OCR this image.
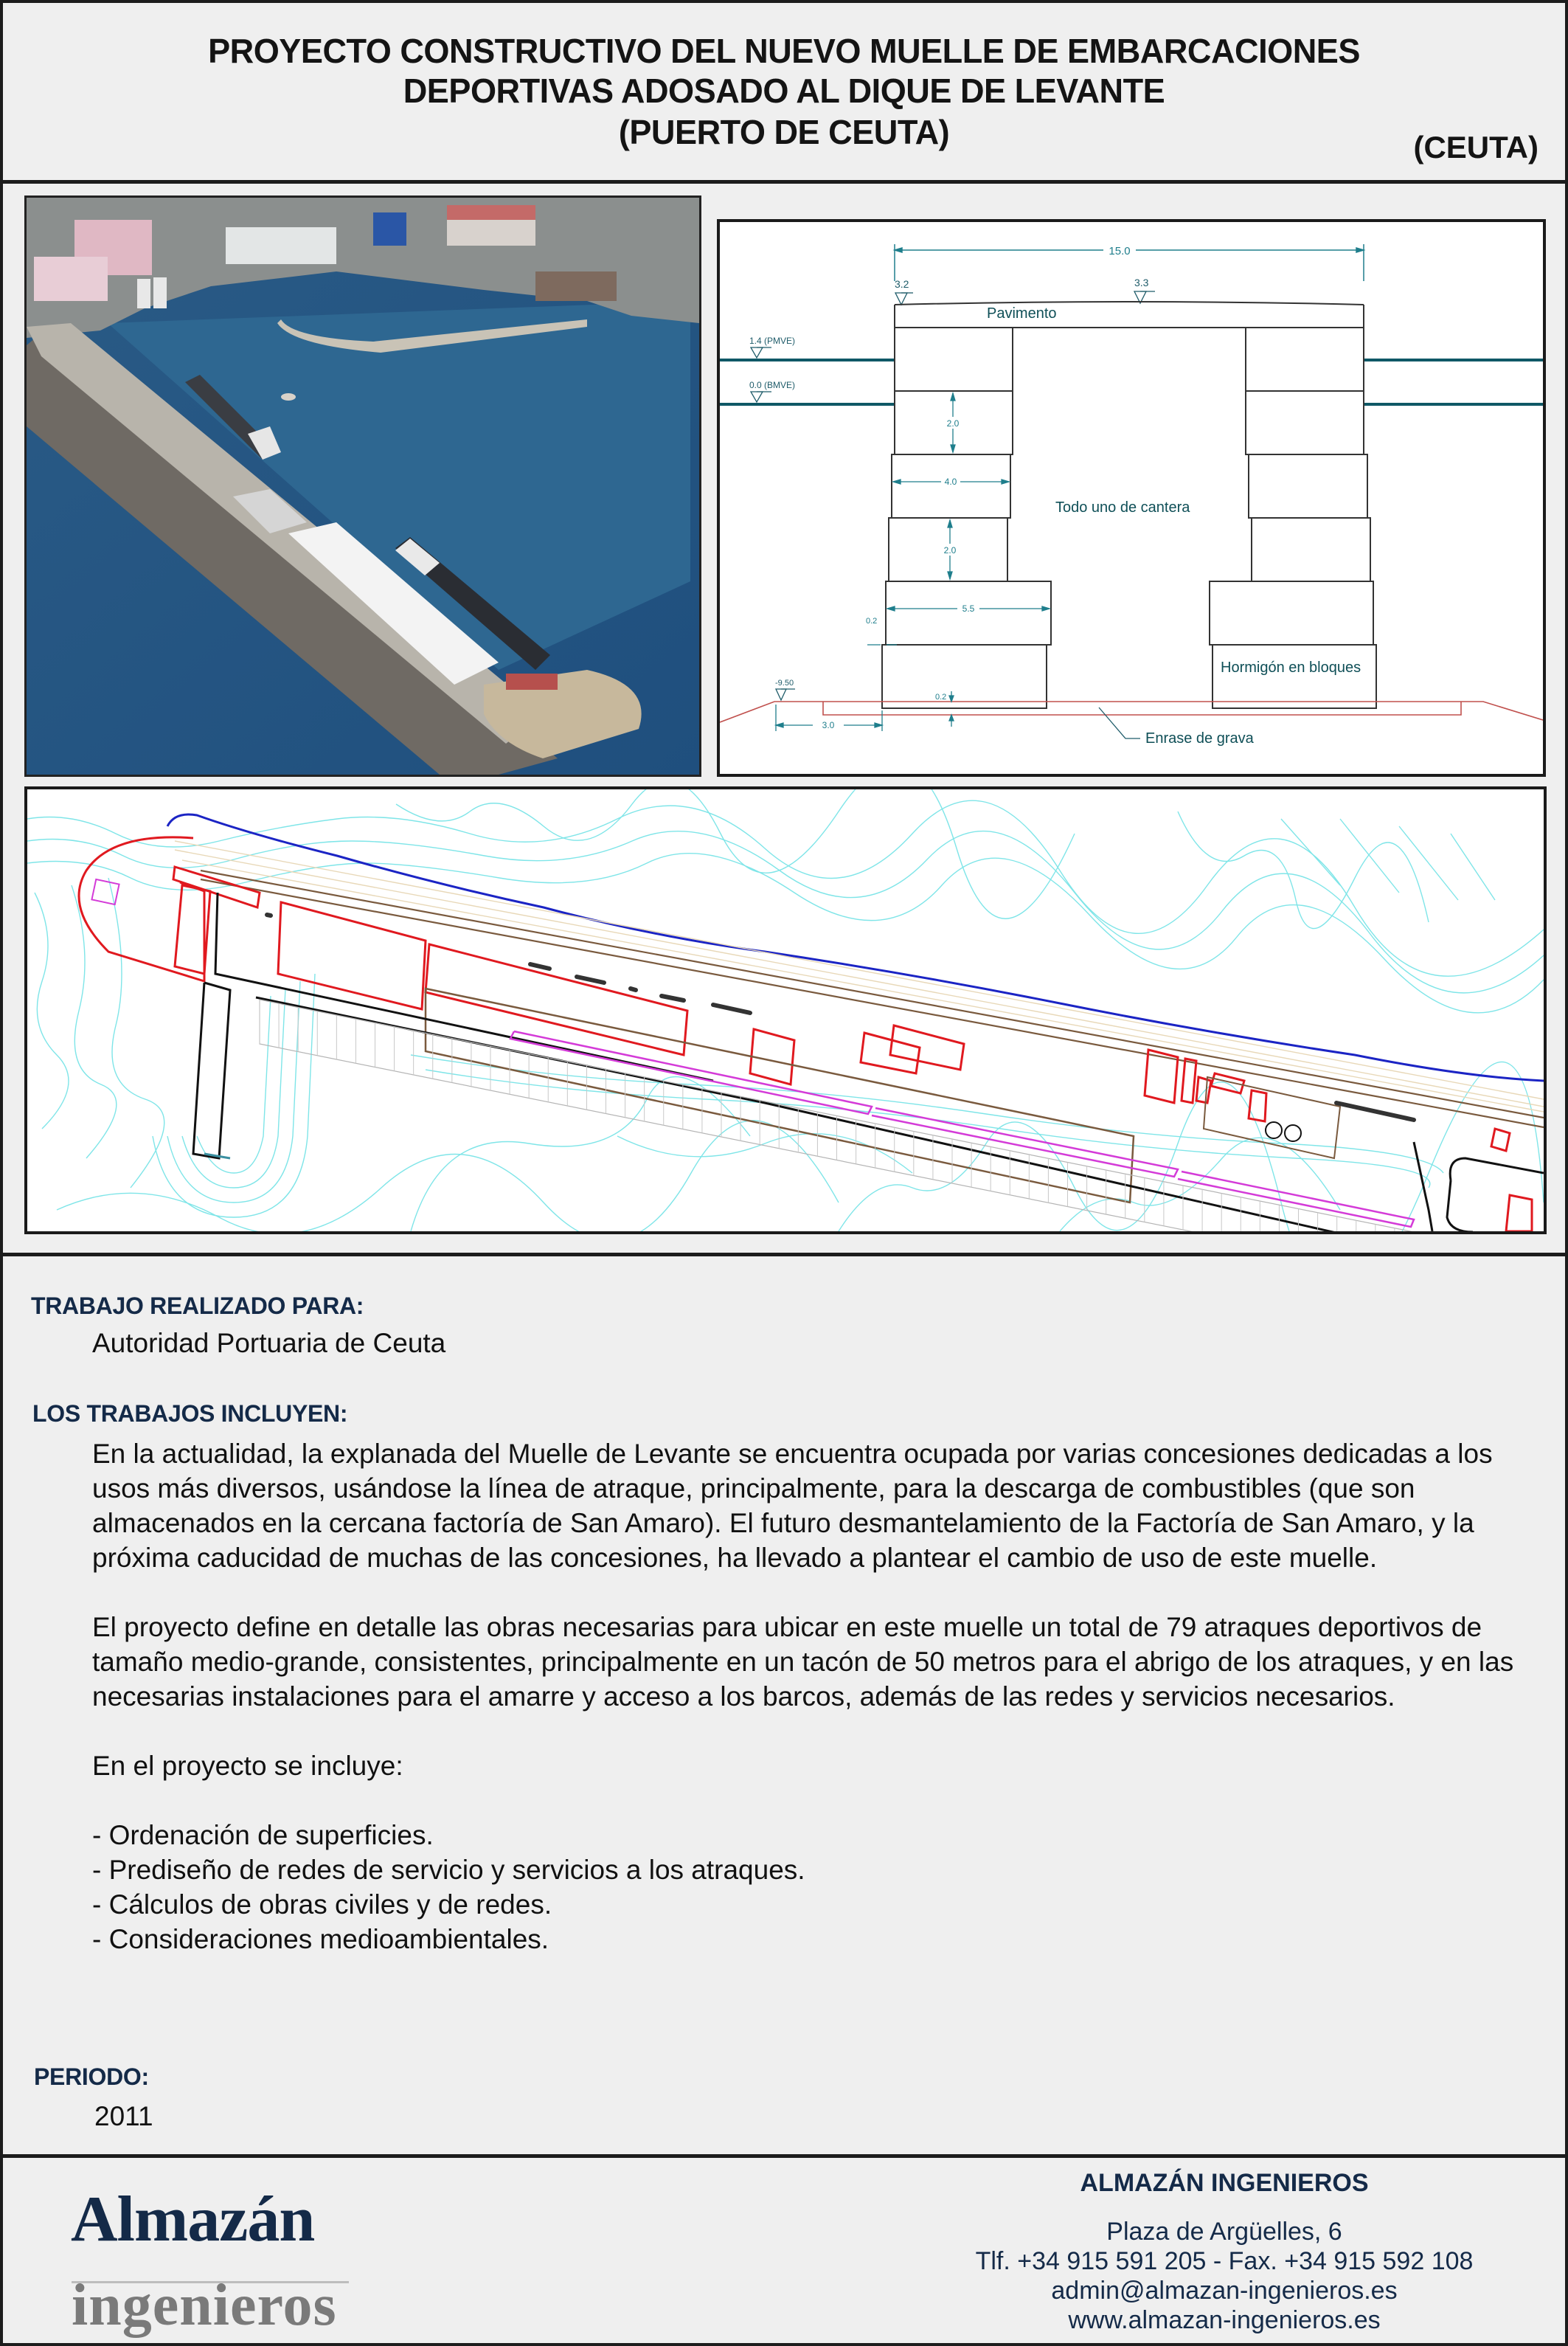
PROYECTO CONSTRUCTIVO DEL NUEVO MUELLE DE EMBARCACIONES
DEPORTIVAS ADOSADO AL DIQUE DE LEVANTE
(PUERTO DE CEUTA)	(CEUTA)
15.0
3.2	3.3
Pavimento
1.4 (PMVE)
0.0 (BMVE)
2.0
2.0
4.0
5.5
0.2
Todo uno de cantera
Hormigón en bloques
-9.50
0.2
3.0
Enrase de grava
TRABAJO REALIZADO PARA:
Autoridad Portuaria de Ceuta
LOS TRABAJOS INCLUYEN:

En la actualidad, la explanada del Muelle de Levante se encuentra ocupada por varias concesiones dedicadas a los usos más diversos, usándose la línea de atraque, principalmente, para la descarga de combustibles (que son almacenados en la cercana factoría de San Amaro). El futuro desmantelamiento de la Factoría de San Amaro, y la próxima caducidad de muchas de las concesiones, ha llevado a plantear el cambio de uso de este muelle.

El proyecto define en detalle las obras necesarias para ubicar en este muelle un total de 79 atraques deportivos de tamaño medio-grande, consistentes, principalmente en un tacón de 50 metros para el abrigo de los atraques, y en las necesarias instalaciones para el amarre y acceso a los barcos, además de las redes y servicios necesarios.

En el proyecto se incluye:

- Ordenación de superficies.
- Prediseño de redes de servicio y servicios a los atraques.
- Cálculos de obras civiles y de redes.
- Consideraciones medioambientales.
PERIODO:
2011
Almazán
ingenieros
ALMAZÁN INGENIEROS
Plaza de Argüelles, 6
Tlf. +34 915 591 205 - Fax. +34 915 592 108
admin@almazan-ingenieros.es
www.almazan-ingenieros.es
